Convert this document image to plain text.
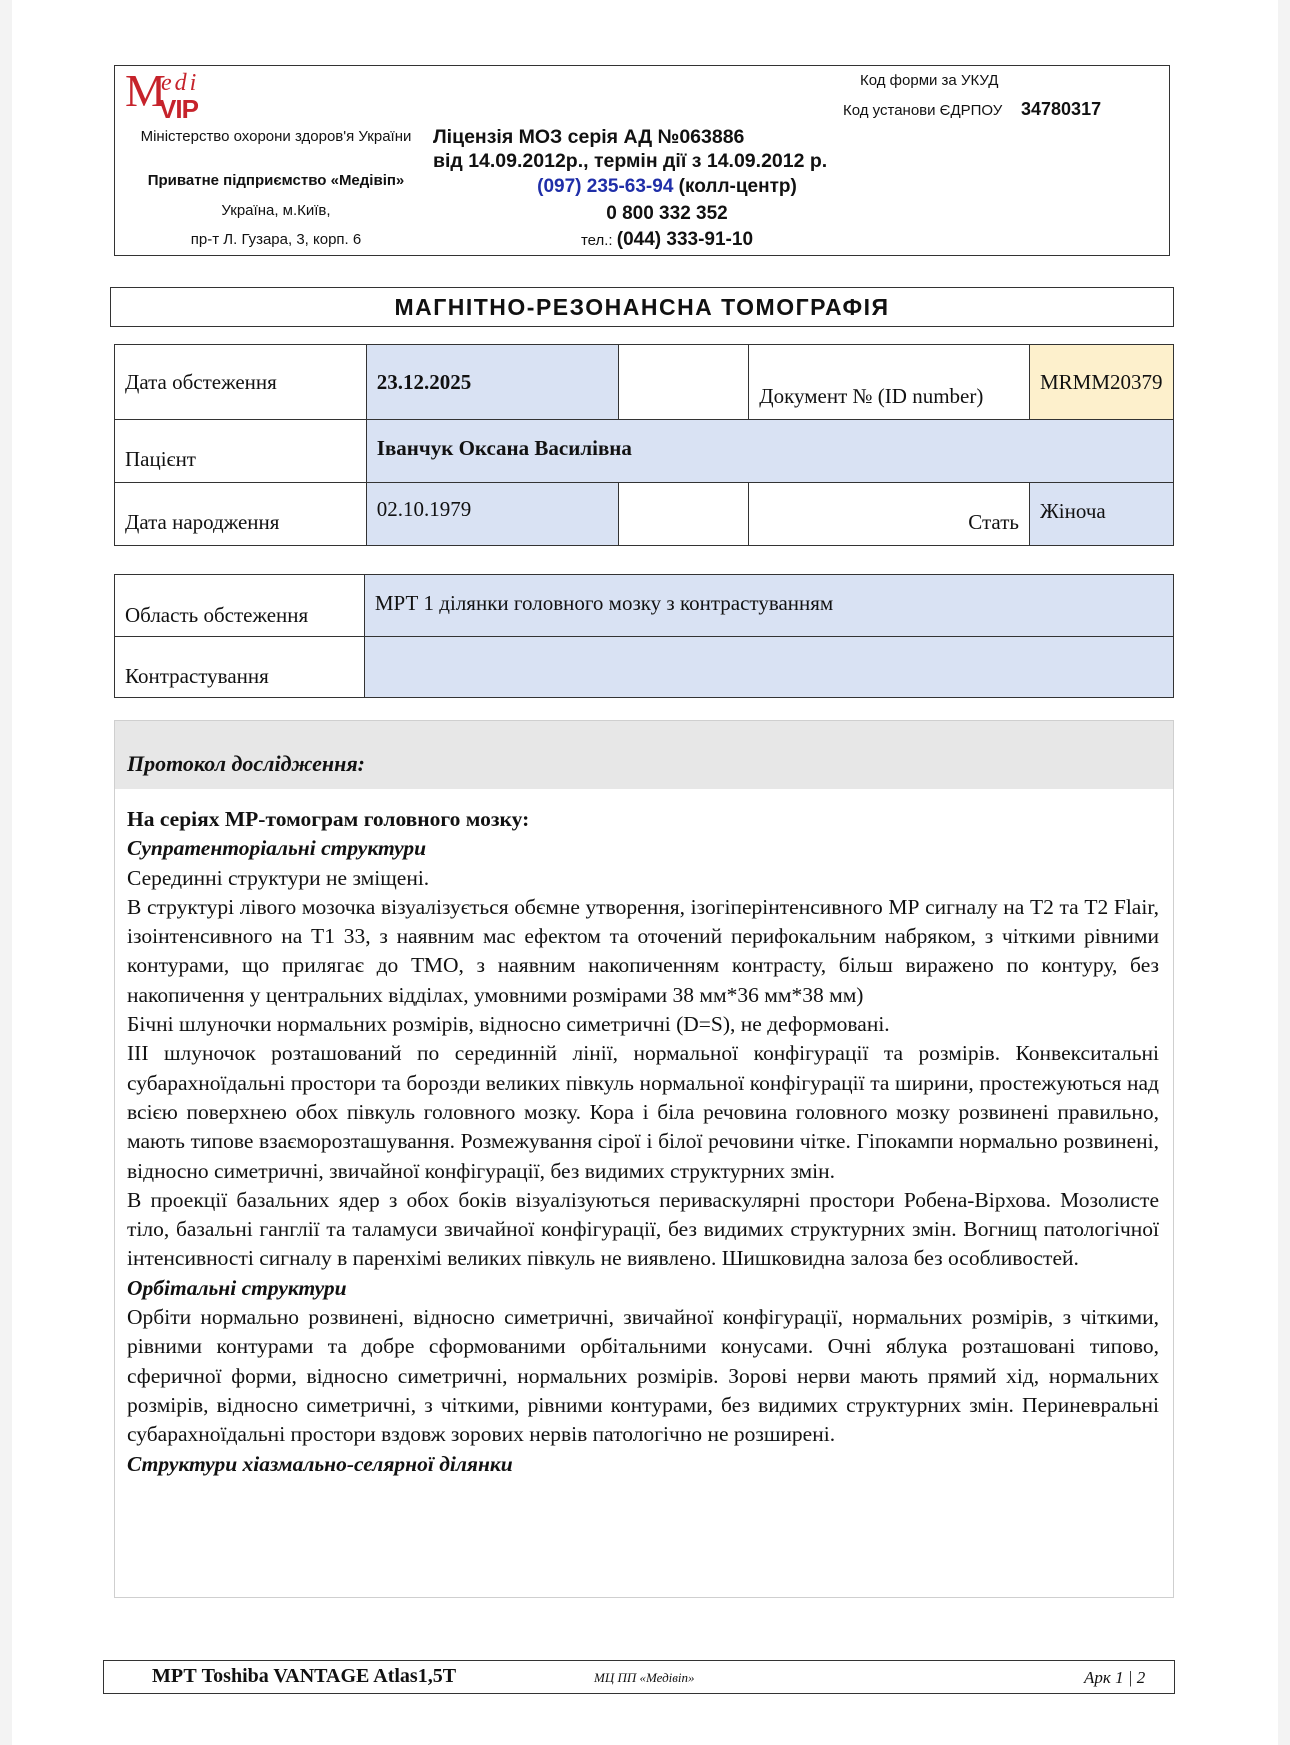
M
edi
VIP
Міністерство охорони здоров'я України
Приватне підприємство «Медівіп»
Україна, м.Київ,
пр-т Л. Гузара, 3, корп. 6
Код форми за УКУД
Код установи ЄДРПОУ 34780317
Ліцензія МОЗ серія АД №063886
від 14.09.2012р., термін дії з 14.09.2012 р.
(097) 235-63-94 (колл-центр)
0 800 332 352
тел.: (044) 333-91-10
МАГНІТНО-РЕЗОНАНСНА ТОМОГРАФІЯ
Дата обстеження	23.12.2025		Документ № (ID number)	MRMM20379
Пацієнт	Іванчук Оксана Василівна			
Дата народження	02.10.1979		Стать	Жіноча
Область обстеження	МРТ 1 ділянки головного мозку з контрастуванням
Контрастування	
Протокол дослідження:

На серіях МР-томограм головного мозку:

Супратенторіальні структури

Серединні структури не зміщені.

В структурі лівого мозочка візуалізується обємне утворення, ізогіперінтенсивного МР сигналу на Т2 та Т2 Flair, ізоінтенсивного на Т1 33, з наявним мас ефектом та оточений перифокальним набряком, з чіткими рівними контурами, що прилягає до ТМО, з наявним накопиченням контрасту, більш виражено по контуру, без накопичення у центральних відділах, умовними розмірами 38 мм*36 мм*38 мм)

Бічні шлуночки нормальних розмірів, відносно симетричні (D=S), не деформовані.

ІІІ шлуночок розташований по серединній лінії, нормальної конфігурації та розмірів. Конвекситальні субарахноїдальні простори та борозди великих півкуль нормальної конфігурації та ширини, простежуються над всією поверхнею обох півкуль головного мозку. Кора і біла речовина головного мозку розвинені правильно, мають типове взаєморозташування. Розмежування сірої і білої речовини чітке. Гіпокампи нормально розвинені, відносно симетричні, звичайної конфігурації, без видимих структурних змін.

В проекції базальних ядер з обох боків візуалізуються периваскулярні простори Робена-Вірхова. Мозолисте тіло, базальні ганглії та таламуси звичайної конфігурації, без видимих структурних змін. Вогнищ патологічної інтенсивності сигналу в паренхімі великих півкуль не виявлено. Шишковидна залоза без особливостей.

Орбітальні структури

Орбіти нормально розвинені, відносно симетричні, звичайної конфігурації, нормальних розмірів, з чіткими, рівними контурами та добре сформованими орбітальними конусами. Очні яблука розташовані типово, сферичної форми, відносно симетричні, нормальних розмірів. Зорові нерви мають прямий хід, нормальних розмірів, відносно симетричні, з чіткими, рівними контурами, без видимих структурних змін. Периневральні субарахноїдальні простори вздовж зорових нервів патологічно не розширені.

Структури хіазмально-селярної ділянки

МРТ Toshiba VANTAGE Atlas1,5Т	МЦ ПП «Медівіп»	Арк 1 | 2
